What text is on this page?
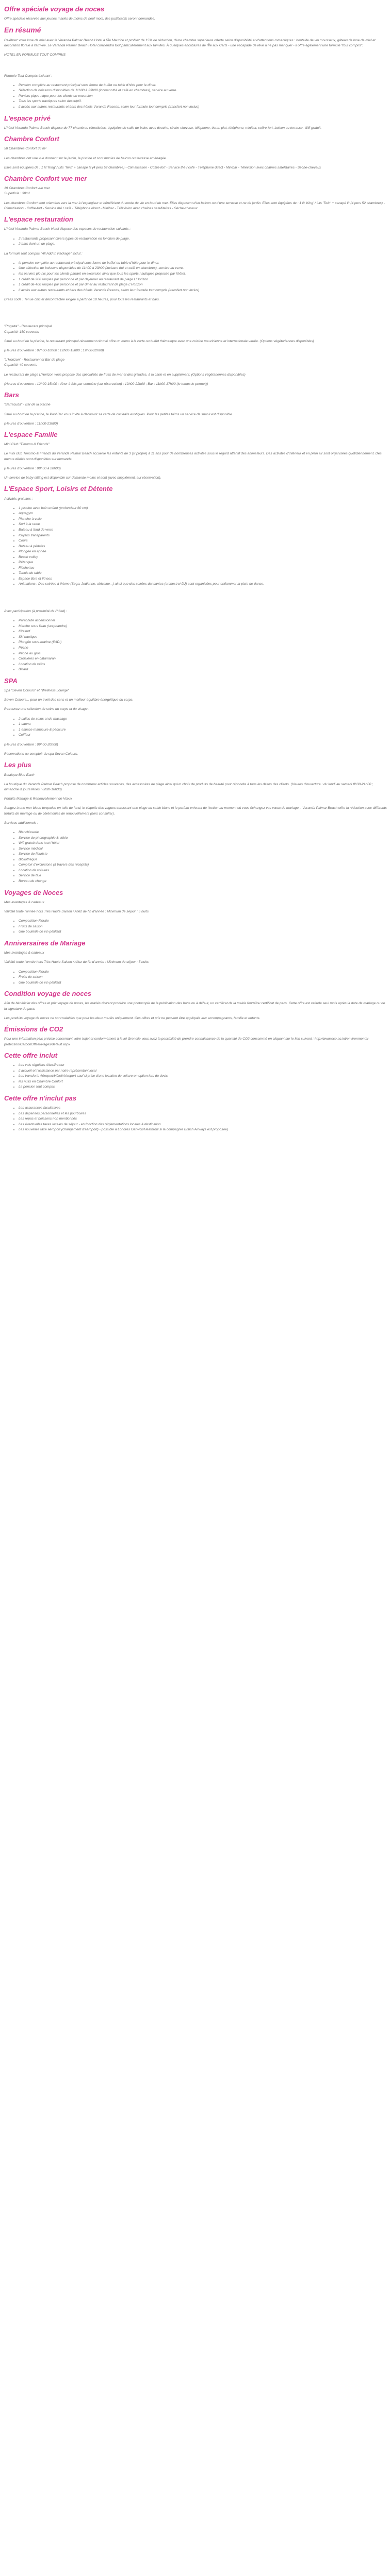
Offre spéciale voyage de noces

Offre spéciale réservée aux jeunes mariés de moins de neuf mois, des justificatifs seront demandés.

En résumé

Célébrez votre lune de miel avec le Veranda Palmar Beach Hotel à l'Île Maurice et profitez de 15% de réduction, d'une chambre supérieure offerte selon disponibilité et d'attentions romantiques : bouteille de vin mousseux, gâteau de lune de miel et décoration florale à l'arrivée. Le Veranda Palmar Beach Hotel conviendra tout particulièrement aux familles. À quelques encablures de l'Île aux Cerfs - une escapade de rêve à ne pas manquer - il offre également une formule "tout compris".

HOTEL EN FORMULE TOUT COMPRIS

Formule Tout Compris incluant :

• Pension complète au restaurant principal sous forme de buffet ou table d'hôte pour le dîner.
• Sélection de boissons disponibles de 11h00 à 23h00 (incluant thé et café en chambres), service au verre.
• Paniers pique-nique pour les clients en excursion
• Tous les sports nautiques selon descriptif.
• L'accès aux autres restaurants et bars des hôtels Veranda Resorts, selon leur formule tout compris (transfert non inclus)
L'espace privé

L'hôtel Veranda Palmar Beach dispose de 77 chambres climatisées, équipées de salle de bains avec douche, sèche-cheveux, téléphone, écran plat, téléphone, minibar, coffre-fort, balcon ou terrasse, Wifi gratuit.

Chambre Confort

58 Chambres Confort 36 m²

Les chambres ont une vue donnant sur le jardin, la piscine et sont munies de balcon ou terrasse aménagée.

Elles sont équipées de : 1 lit 'King' / Lits 'Twin' + canapé lit (4 pers 52 chambres) - Climatisation - Coffre-fort - Service thé / café - Téléphone direct - Minibar - Télévision avec chaînes satellitaires - Sèche-cheveux

Chambre Confort vue mer

19 Chambres Confort vue mer

Superficie : 38m²

Les chambres Confort sont orientées vers la mer à l'espiègleur et bénéficient du mode de vie en bord de mer. Elles disposent d'un balcon ou d'une terrasse et ne de jardin. Elles sont équipées de : 1 lit 'King' / Lits 'Twin' + canapé lit (4 pers 52 chambres) - Climatisation - Coffre-fort - Service thé / café - Téléphone direct - Minibar - Télévision avec chaînes satellitaires - Sèche-cheveux

L'espace restauration

L'hôtel Veranda Palmar Beach Hotel dispose des espaces de restauration suivants :

• 2 restaurants proposant divers types de restauration en fonction de plage.
• 2 bars dont un de plage.

La formule tout compris "All Add In Package" inclut :

• la pension complète au restaurant principal sous forme de buffet ou table d'hôte pour le dîner.
• Une sélection de boissons disponibles de 11h00 à 23h00 (incluant thé et café en chambres), service au verre.
• les paniers pic-nic pour les clients partant en excursion ainsi que tous les sports nautiques proposés par l'hôtel.
• 1 crédit de 200 roupies par personne et par déjeuner au restaurant de plage L'Horizon
• 1 crédit de 400 roupies par personne et par dîner au restaurant de plage L'Horizon
• L'accès aux autres restaurants et bars des hôtels Veranda Resorts, selon leur formule tout compris (transfert non inclus)

Dress code : Tenue chic et décontractée exigée à partir de 18 heures, pour tous les restaurants et bars.

"Rogatta" - Restaurant principal

Capacité: 150 couverts

Situé au bord de la piscine, le restaurant principal récemment rénové offre un menu à la carte ou buffet thématique avec une cuisine mauricienne et internationale variée. (Options végétariennes disponibles)

(Heures d'ouverture : 07h00-10h00 ; 12h00-15h00 ; 19h00-22h00)

"L'Horizon" - Restaurant et Bar de plage

Capacité: 40 couverts

Le restaurant de plage L'Horizon vous propose des spécialités de fruits de mer et des grillades, à la carte et en supplément. (Options végétariennes disponibles)

(Heures d'ouverture : 12h00-15h00 ; dîner à fois par semaine (sur réservation) : 19h00-22h00 ; Bar : 11h00-17h00 (le temps le permet))

Bars

"Barracuda" - Bar de la piscine

Situé au bord de la piscine, le Pool Bar vous invite à découvrir sa carte de cocktails exotiques. Pour les petites faims un service de snack est disponible.

(Heures d'ouverture : 11h00-23h00)

L'espace Famille

Mini Club "Timomo & Friends"

Le mini club Timomo & Friends du Veranda Palmar Beach accueille les enfants de 3 (si propre) à 11 ans pour de nombreuses activités sous le regard attentif des animateurs. Des activités d'intérieur et en plein air sont organisées quotidiennement. Des menus dédiés sont disponibles sur demande.

(Heures d'ouverture : 08h30 à 20h00)

Un service de baby-sitting est disponible sur demande moins et sont (avec supplément, sur réservation).

L'Espace Sport, Loisirs et Détente

Activités gratuites :

• 1 piscine avec bain enfant (profondeur 60 cm)
• Aquagym
• Planche à voile
• Surf à la rame
• Bateau à fond de verre
• Kayaks transparents
• Cours
• Bateau à pédales
• Plongée en apnée
• Beach volley
• Pétanque
• Fléchettes
• Tennis de table
• Espace libre et fitness
• Animations : Des soirées à thème (Sega, Jodienne, africaine...) ainsi que des soirées dansantes (orchestre/ DJ) sont organisées pour enflammer la piste de danse.

Avec participation (à proximité de l'hôtel) :

• Parachute ascensionnel
• Marche sous l'eau (scaphandre)
• Kitesurf
• Ski nautique
• Plongée sous-marine (PADI)
• Pêche
• Pêche au gros
• Croisières en catamaran
• Location de vélos
• Billard
SPA

Spa "Seven Colours" et "Wellness Lounge"

Seven Colours... pour un éveil des sens et un meilleur équilibre énergétique du corps.

Retrouvez une sélection de soins du corps et du visage :

• 2 salles de soins et de massage
• 1 sauna
• 1 espace manucure & pédicure
• Coiffeur

(Heures d'ouverture : 09h00-20h00)

Réservations au comptoir du spa Seven Colours.

Les plus

Boutique Blue Earth

La boutique du Veranda Palmar Beach propose de nombreux articles souvenirs, des accessoires de plage ainsi qu'un choix de produits de beauté pour répondre à tous les désirs des clients. (Heures d'ouverture : du lundi au samedi 8h30-21h00 ; dimanche & jours fériés : 8h30-16h30)

Forfaits Mariage & Renouvellement de Vœux

Songez à une mer bleue turquoise en toile de fond, le clapotis des vagues caressant une plage au sable blanc et le parfum enivrant de l'océan au moment où vous échangez vos vœux de mariage... Veranda Palmar Beach offre la rédaction avec différents forfaits de mariage ou de cérémonies de renouvellement (hors consulter).

Services additionnels :

• Blanchisserie
• Service de photographie & vidéo
• Wifi gratuit dans tout l'hôtel
• Service médical
• Service de fleuriste
• Bibliothèque
• Comptoir d'excursions (à travers des réceptifs)
• Location de voitures
• Service de taxi
• Bureau de change
Voyages de Noces

Mes avantages & cadeaux

Validité toute l'année hors Très Haute Saison / Allez de fin d'année : Minimum de séjour : 5 nuits

• Composition Florale
• Fruits de saison
• Une bouteille de vin pétillant
Anniversaires de Mariage

Mes avantages & cadeaux

Validité toute l'année hors Très Haute Saison / Allez de fin d'année : Minimum de séjour : 5 nuits

• Composition Florale
• Fruits de saison
• Une bouteille de vin pétillant
Condition voyage de noces

Afin de bénéficier des offres et prix voyage de noces, les mariés doivent produire une photocopie de la publication des bans ou à défaut, un certificat de la mairie fourni/ou certificat de pacs. Cette offre est valable seul mois après la date de mariage ou de la signature du pacs.

Les produits voyage de noces ne sont valables que pour les deux mariés uniquement. Ces offres et prix ne peuvent être appliqués aux accompagnants, famille et enfants.

Émissions de CO2

Pour une information plus précise concernant votre trajet et conformément à la loi Grenelle vous avez la possibilité de prendre connaissance de la quantité de CO2 consommé en cliquant sur le lien suivant : http://www.eco.ac.int/environmental-protection/CarbonOffset/Pages/default.aspx

Cette offre inclut
• Les vols réguliers Allez/Retour
• L'accueil et l'assistance par notre représentant local
• Les transferts Aéroport/Hôtel/Aéroport sauf si prise d'une location de voiture en option lors du devis
• les nuits en Chambre Confort
• La pension tout compris
Cette offre n'inclut pas
• Les assurances facultatives
• Les dépenses personnelles et les pourboires
• Les repas et boissons non mentionnés
• Les éventuelles taxes locales de séjour - en fonction des réglementations locales à destination
• Les nouvelles taxe aéroport (changement d'aéroport) - possible à Londres Gatwick/Heathrow si la compagnie British Airways est proposée)
